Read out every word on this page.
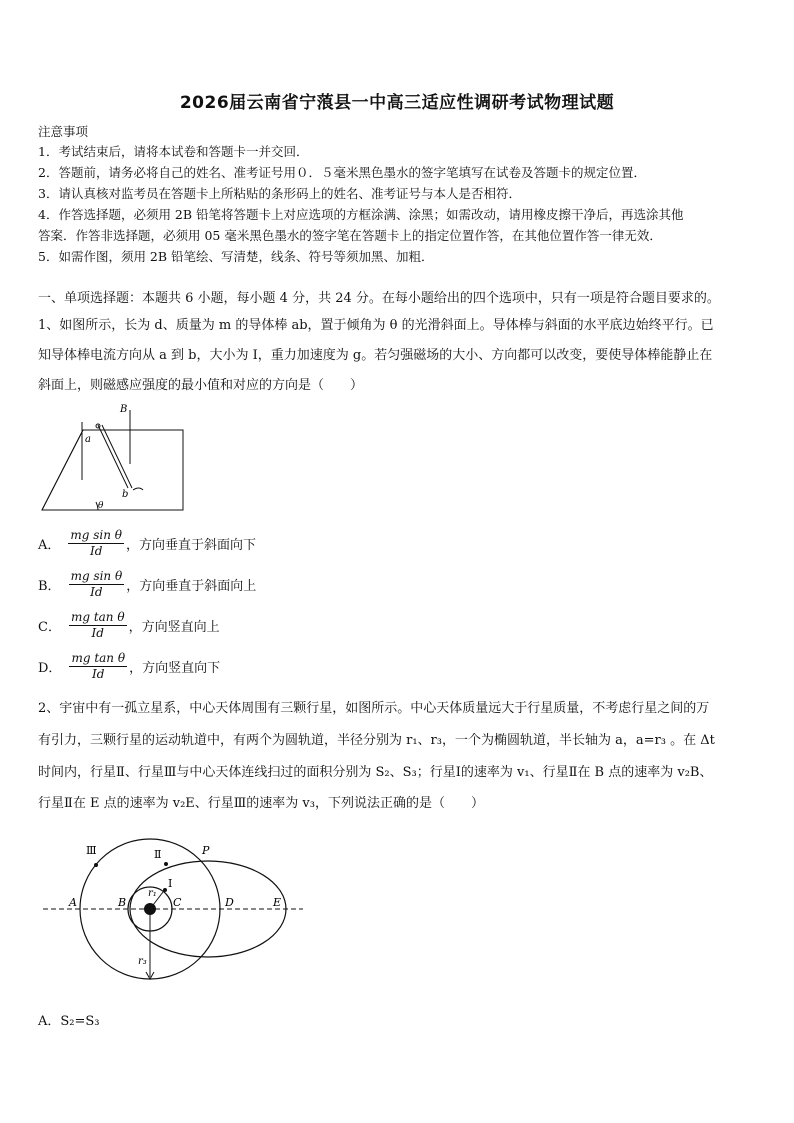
2026届云南省宁蒗县一中高三适应性调研考试物理试题
注意事项
1．考试结束后，请将本试卷和答题卡一并交回．
2．答题前，请务必将自己的姓名、准考证号用０．５毫米黑色墨水的签字笔填写在试卷及答题卡的规定位置．
3．请认真核对监考员在答题卡上所粘贴的条形码上的姓名、准考证号与本人是否相符．
4．作答选择题，必须用 2B 铅笔将答题卡上对应选项的方框涂满、涂黑；如需改动，请用橡皮擦干净后，再选涂其他
答案．作答非选择题，必须用 05 毫米黑色墨水的签字笔在答题卡上的指定位置作答，在其他位置作答一律无效．
5．如需作图，须用 2B 铅笔绘、写清楚，线条、符号等须加黑、加粗．
一、单项选择题：本题共 6 小题，每小题 4 分，共 24 分。在每小题给出的四个选项中，只有一项是符合题目要求的。
1、如图所示，长为 d、质量为 m 的导体棒 ab，置于倾角为 θ 的光滑斜面上。导体棒与斜面的水平底边始终平行。已
知导体棒电流方向从 a 到 b，大小为 I，重力加速度为 g。若匀强磁场的大小、方向都可以改变，要使导体棒能静止在
斜面上，则磁感应强度的最小值和对应的方向是（　　）
B
a
b
θ
A． $\frac{\text{mg sin θ}}{Id}$ ，方向垂直于斜面向下
B． $\frac{\text{mg sin θ}}{Id}$ ，方向垂直于斜面向上
C． $\frac{\text{mg tan θ}}{Id}$ ，方向竖直向上
D． $\frac{\text{mg tan θ}}{Id}$ ，方向竖直向下
2、宇宙中有一孤立星系，中心天体周围有三颗行星，如图所示。中心天体质量远大于行星质量，不考虑行星之间的万
有引力，三颗行星的运动轨道中，有两个为圆轨道，半径分别为 r₁、r₃，一个为椭圆轨道，半长轴为 a，a=r₃ 。在 Δt
时间内，行星Ⅱ、行星Ⅲ与中心天体连线扫过的面积分别为 S₂、S₃；行星Ⅰ的速率为 v₁、行星Ⅱ在 B 点的速率为 v₂B、
行星Ⅱ在 E 点的速率为 v₂E、行星Ⅲ的速率为 v₃，下列说法正确的是（　　）
Ⅲ	Ⅱ
Ⅰ
P
A	B	C	D	E
r₁
r₃
A．S₂=S₃
